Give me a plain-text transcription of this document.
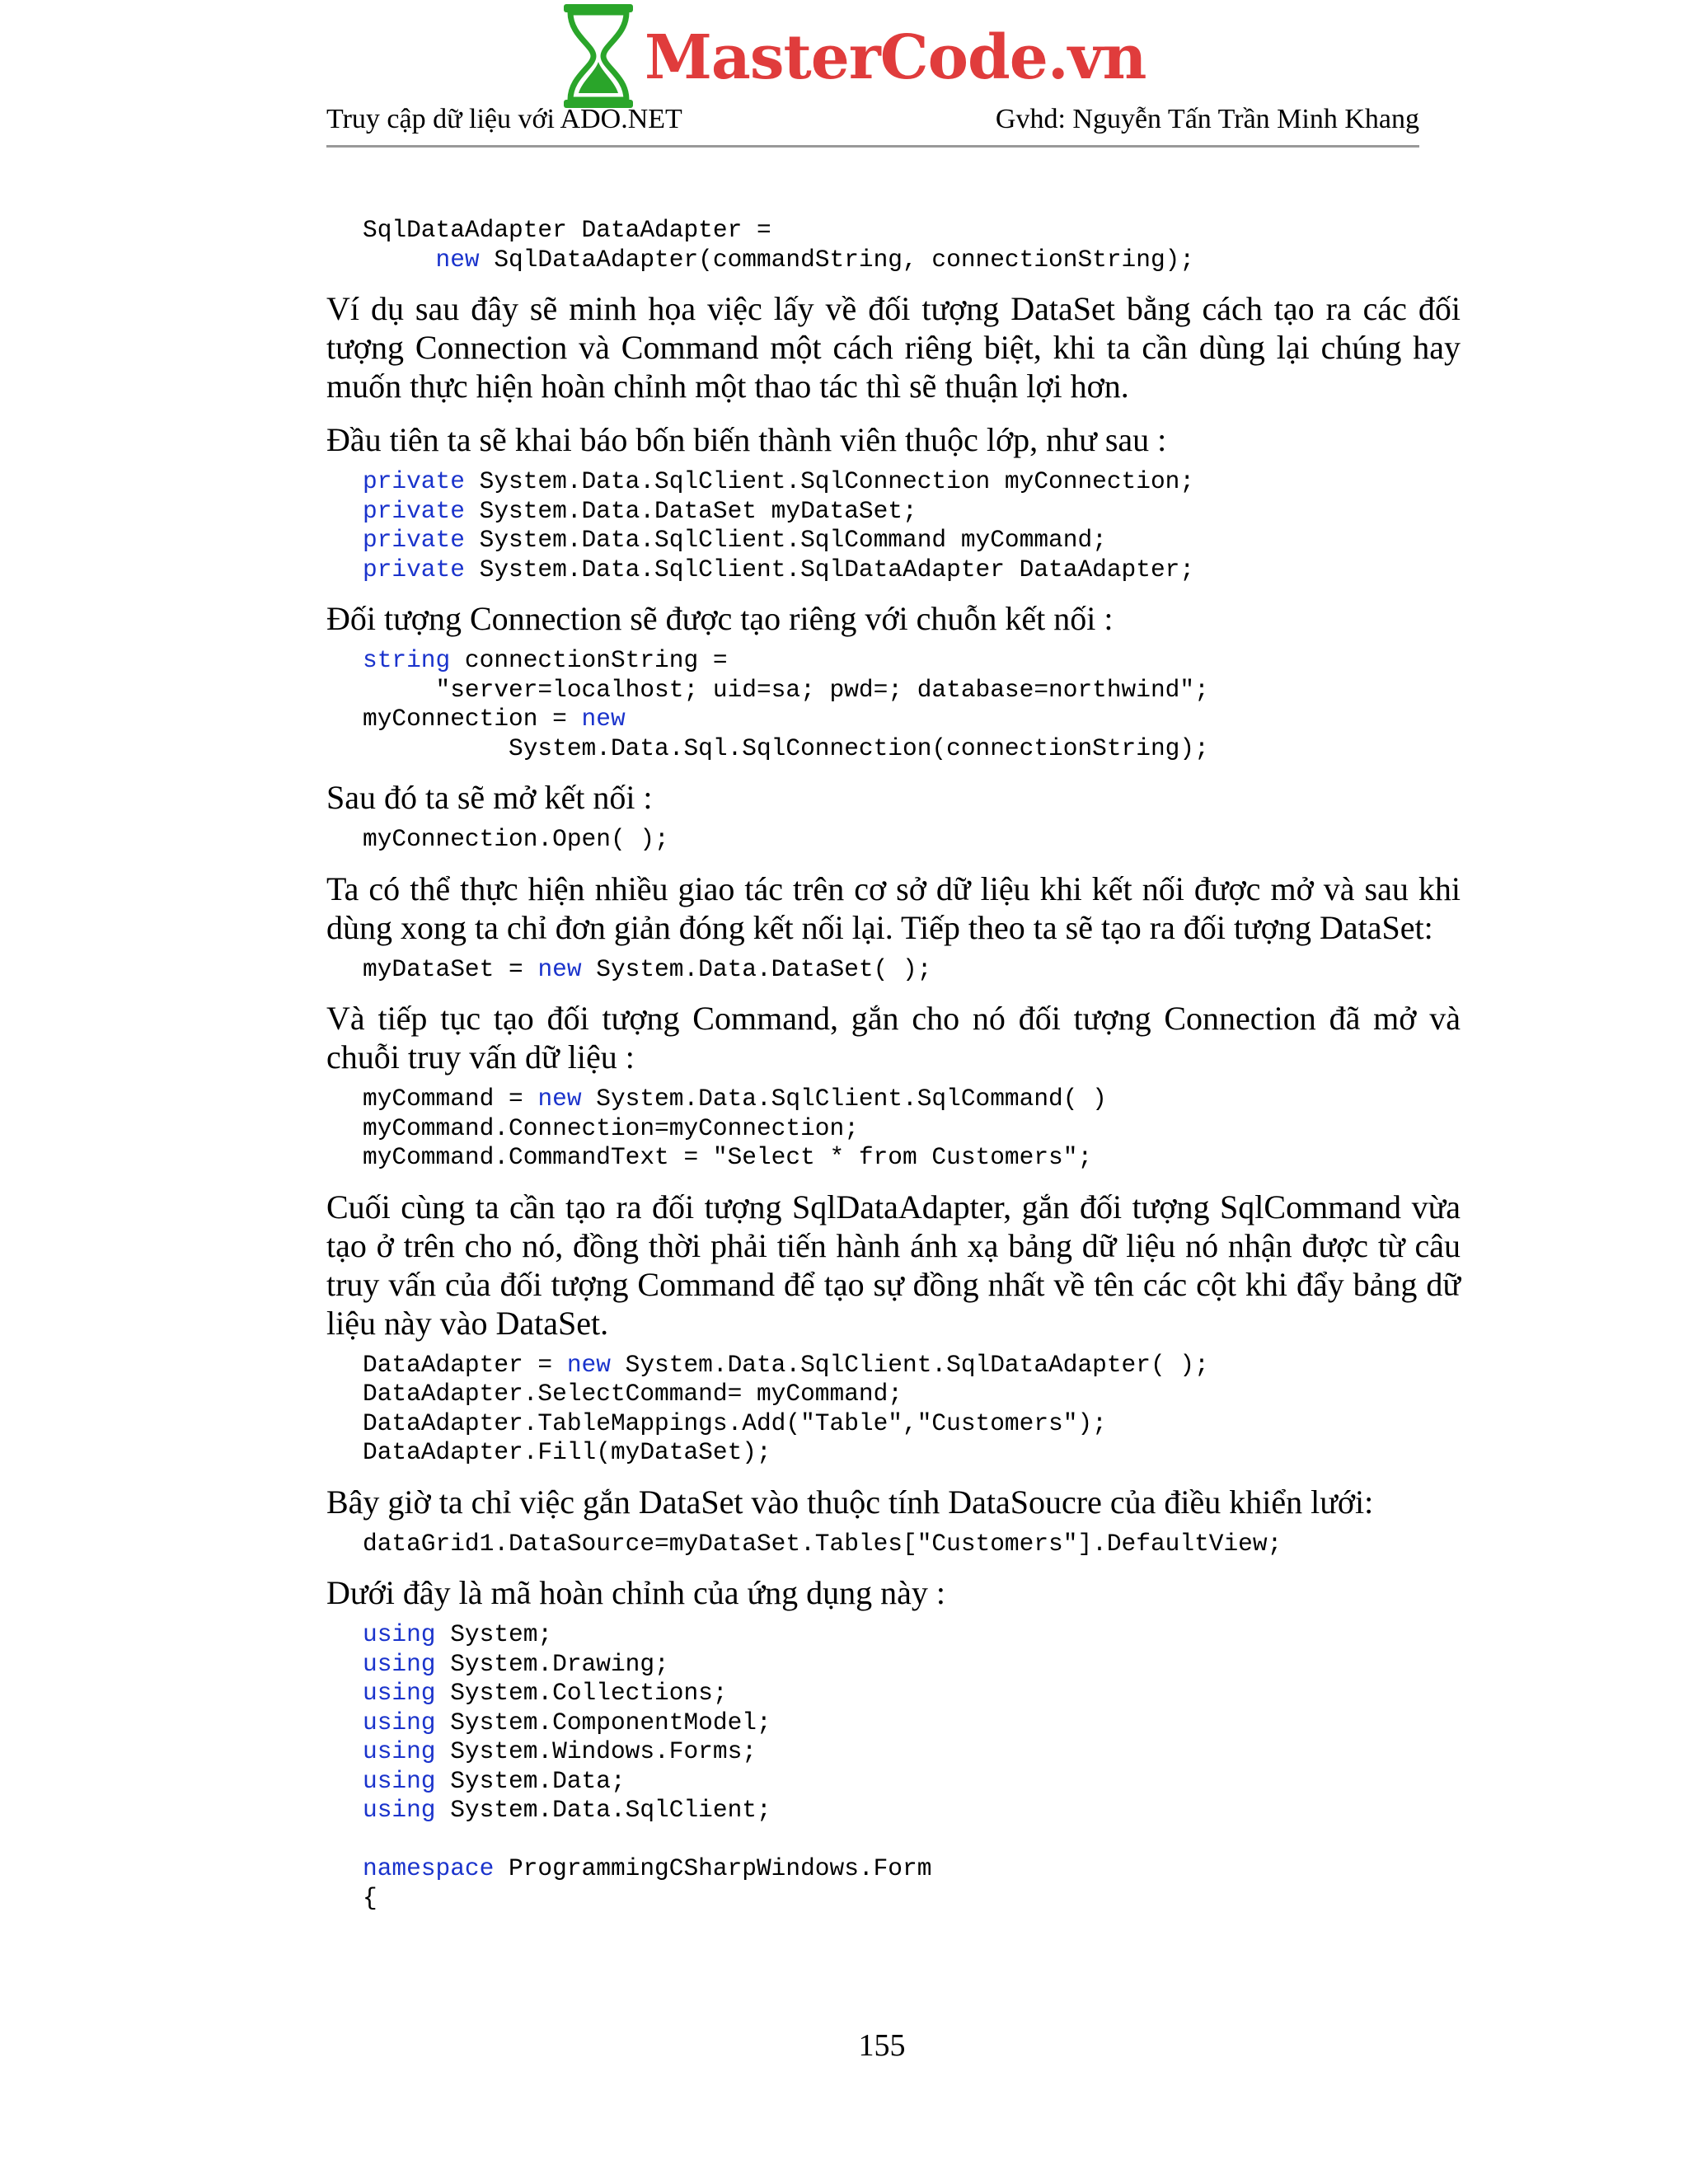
MasterCode.vn
Truy cập dữ liệu với ADO.NET	Gvhd: Nguyễn Tấn Trần Minh Khang
SqlDataAdapter DataAdapter =
new SqlDataAdapter(commandString, connectionString);

Ví dụ sau đây sẽ minh họa việc lấy về đối tượng DataSet bằng cách tạo ra các đối tượng Connection và Command một cách riêng biệt, khi ta cần dùng lại chúng hay muốn thực hiện hoàn chỉnh một thao tác thì sẽ thuận lợi hơn.

Đầu tiên ta sẽ khai báo bốn biến thành viên thuộc lớp, như sau :

private System.Data.SqlClient.SqlConnection myConnection;
private System.Data.DataSet myDataSet;
private System.Data.SqlClient.SqlCommand myCommand;
private System.Data.SqlClient.SqlDataAdapter DataAdapter;

Đối tượng Connection sẽ được tạo riêng với chuỗn kết nối :

string connectionString =
"server=localhost; uid=sa; pwd=; database=northwind";
myConnection = new
System.Data.Sql.SqlConnection(connectionString);

Sau đó ta sẽ mở kết nối :

myConnection.Open( );

Ta có thể thực hiện nhiều giao tác trên cơ sở dữ liệu khi kết nối được mở và sau khi dùng xong ta chỉ đơn giản đóng kết nối lại. Tiếp theo ta sẽ tạo ra đối tượng DataSet:

myDataSet = new System.Data.DataSet( );

Và tiếp tục tạo đối tượng Command, gắn cho nó đối tượng Connection đã mở và chuỗi truy vấn dữ liệu :

myCommand = new System.Data.SqlClient.SqlCommand( )
myCommand.Connection=myConnection;
myCommand.CommandText = "Select * from Customers";

Cuối cùng ta cần tạo ra đối tượng SqlDataAdapter, gắn đối tượng SqlCommand vừa tạo ở trên cho nó, đồng thời phải tiến hành ánh xạ bảng dữ liệu nó nhận được từ câu truy vấn của đối tượng Command để tạo sự đồng nhất về tên các cột khi đẩy bảng dữ liệu này vào DataSet.

DataAdapter = new System.Data.SqlClient.SqlDataAdapter( );
DataAdapter.SelectCommand= myCommand;
DataAdapter.TableMappings.Add("Table","Customers");
DataAdapter.Fill(myDataSet);

Bây giờ ta chỉ việc gắn DataSet vào thuộc tính DataSoucre của điều khiển lưới:

dataGrid1.DataSource=myDataSet.Tables["Customers"].DefaultView;

Dưới đây là mã hoàn chỉnh của ứng dụng này :

using System;
using System.Drawing;
using System.Collections;
using System.ComponentModel;
using System.Windows.Forms;
using System.Data;
using System.Data.SqlClient;

namespace ProgrammingCSharpWindows.Form
{
155
